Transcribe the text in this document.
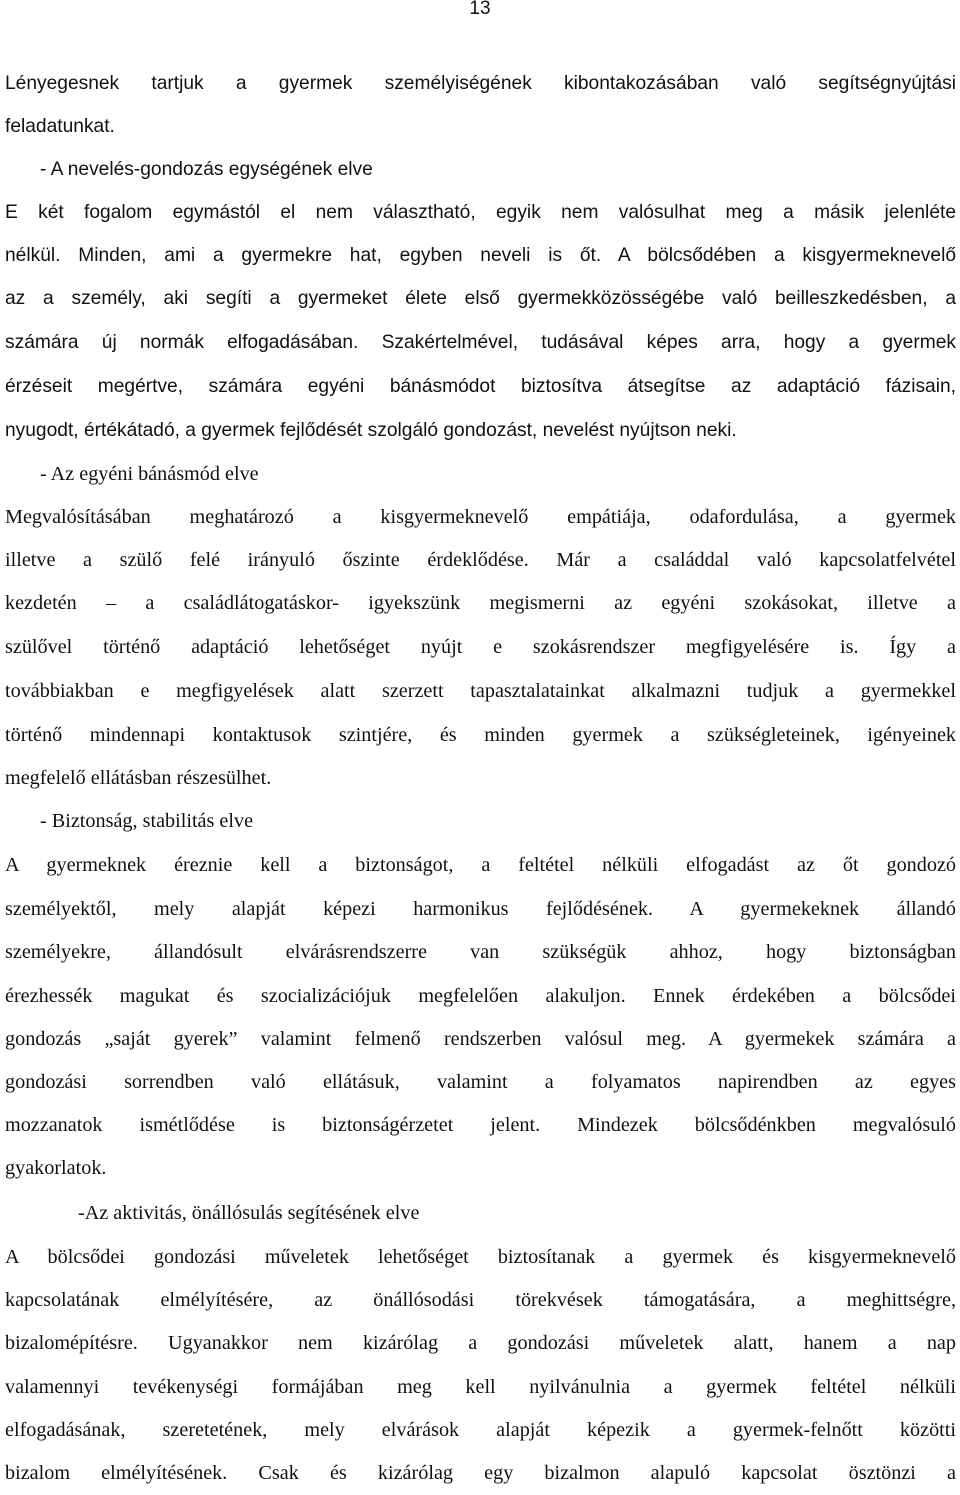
13
Lényegesnek tartjuk a gyermek személyiségének kibontakozásában való segítségnyújtási
feladatunkat.
- A nevelés-gondozás egységének elve
E két fogalom egymástól el nem választható, egyik nem valósulhat meg a másik jelenléte
nélkül. Minden, ami a gyermekre hat, egyben neveli is őt. A bölcsődében a kisgyermeknevelő
az a személy, aki segíti a gyermeket élete első gyermekközösségébe való beilleszkedésben, a
számára új normák elfogadásában. Szakértelmével, tudásával képes arra, hogy a gyermek
érzéseit megértve, számára egyéni bánásmódot biztosítva átsegítse az adaptáció fázisain,
nyugodt, értékátadó, a gyermek fejlődését szolgáló gondozást, nevelést nyújtson neki.
- Az egyéni bánásmód elve
Megvalósításában meghatározó a kisgyermeknevelő empátiája, odafordulása, a gyermek
illetve a szülő felé irányuló őszinte érdeklődése. Már a családdal való kapcsolatfelvétel
kezdetén – a családlátogatáskor- igyekszünk megismerni az egyéni szokásokat, illetve a
szülővel történő adaptáció lehetőséget nyújt e szokásrendszer megfigyelésére is. Így a
továbbiakban e megfigyelések alatt szerzett tapasztalatainkat alkalmazni tudjuk a gyermekkel
történő mindennapi kontaktusok szintjére, és minden gyermek a szükségleteinek, igényeinek
megfelelő ellátásban részesülhet.
- Biztonság, stabilitás elve
A gyermeknek éreznie kell a biztonságot, a feltétel nélküli elfogadást az őt gondozó
személyektől, mely alapját képezi harmonikus fejlődésének. A gyermekeknek állandó
személyekre, állandósult elvárásrendszerre van szükségük ahhoz, hogy biztonságban
érezhessék magukat és szocializációjuk megfelelően alakuljon. Ennek érdekében a bölcsődei
gondozás „saját gyerek” valamint felmenő rendszerben valósul meg. A gyermekek számára a
gondozási sorrendben való ellátásuk, valamint a folyamatos napirendben az egyes
mozzanatok ismétlődése is biztonságérzetet jelent. Mindezek bölcsődénkben megvalósuló
gyakorlatok.
-Az aktivitás, önállósulás segítésének elve
A bölcsődei gondozási műveletek lehetőséget biztosítanak a gyermek és kisgyermeknevelő
kapcsolatának elmélyítésére, az önállósodási törekvések támogatására, a meghittségre,
bizalomépítésre. Ugyanakkor nem kizárólag a gondozási műveletek alatt, hanem a nap
valamennyi tevékenységi formájában meg kell nyilvánulnia a gyermek feltétel nélküli
elfogadásának, szeretetének, mely elvárások alapját képezik a gyermek-felnőtt közötti
bizalom elmélyítésének. Csak és kizárólag egy bizalmon alapuló kapcsolat ösztönzi a
